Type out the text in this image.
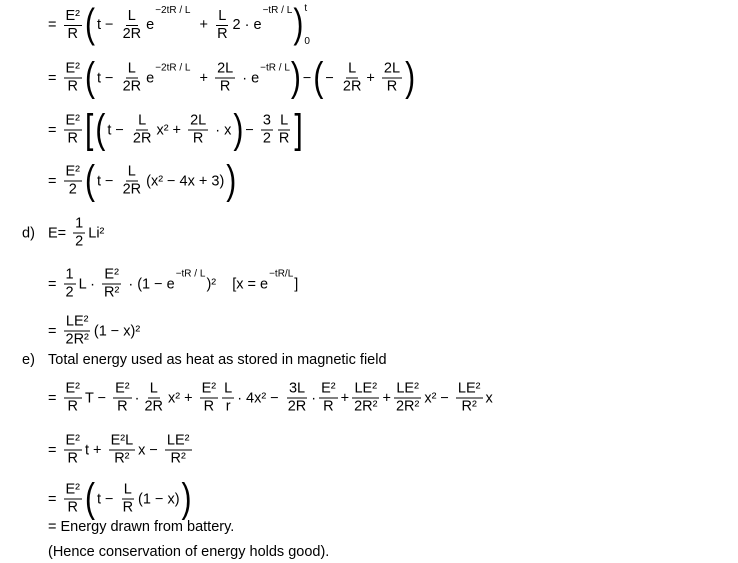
= $\frac{\text{E²}}{R}$ ( $t - \frac{L}{2R}$ e
−2tR / L
+ $\frac{L}{R} 2 \cdot e$
−tR / L ) t
0
= $\frac{\text{E²}}{R}$ ( $t - \frac{L}{2R}$ e
−2tR / L
+ $\frac{2L}{R} \cdot e$
−tR / L ) − ( − $\frac{L}{2R} + \frac{2L}{R}$ )
= $\frac{\text{E²}}{R}$ [ ( $t - \frac{L}{2R} x^2 + \frac{2L}{R} \cdot x$ ) − $\frac{3}{2} \frac{L}{R}$ ]
= $\frac{\text{E²}}{2}$ ( $t - \frac{L}{2R} (x^2 - 4x + 3)$ )
d) $E= \frac{1}{2} Li^2$
= $\frac{1}{2}$ $L \cdot \frac{\text{E²}}{\text{R²}} \cdot (1 - e$
−tR / L
)²    [x = e
−tR/L
]
= $\frac{\text{LE²}}{\text{2R²}} (1 - x)^2$
e) Total energy used as heat as stored in magnetic field
= $\frac{\text{E²}}{R}$ $T - \frac{\text{E²}}{R} \cdot \frac{L}{2R} x^2 + \frac{\text{E²}}{R} \frac{L}{r} \cdot 4x^2 - \frac{3L}{2R} \cdot \frac{\text{E²}}{R} + \frac{\text{LE²}}{\text{2R²}} + \frac{\text{LE²}}{\text{2R²}} x^2 - \frac{\text{LE²}}{\text{R²}}$ x
= $\frac{\text{E²}}{R}$ $t + \frac{\text{E²L}}{\text{R²}}$ $x - \frac{\text{LE²}}{\text{R²}}$
= $\frac{\text{E²}}{R}$ ( $t - \frac{L}{R} (1 - x)$ )
= Energy drawn from battery.
(Hence conservation of energy holds good).
